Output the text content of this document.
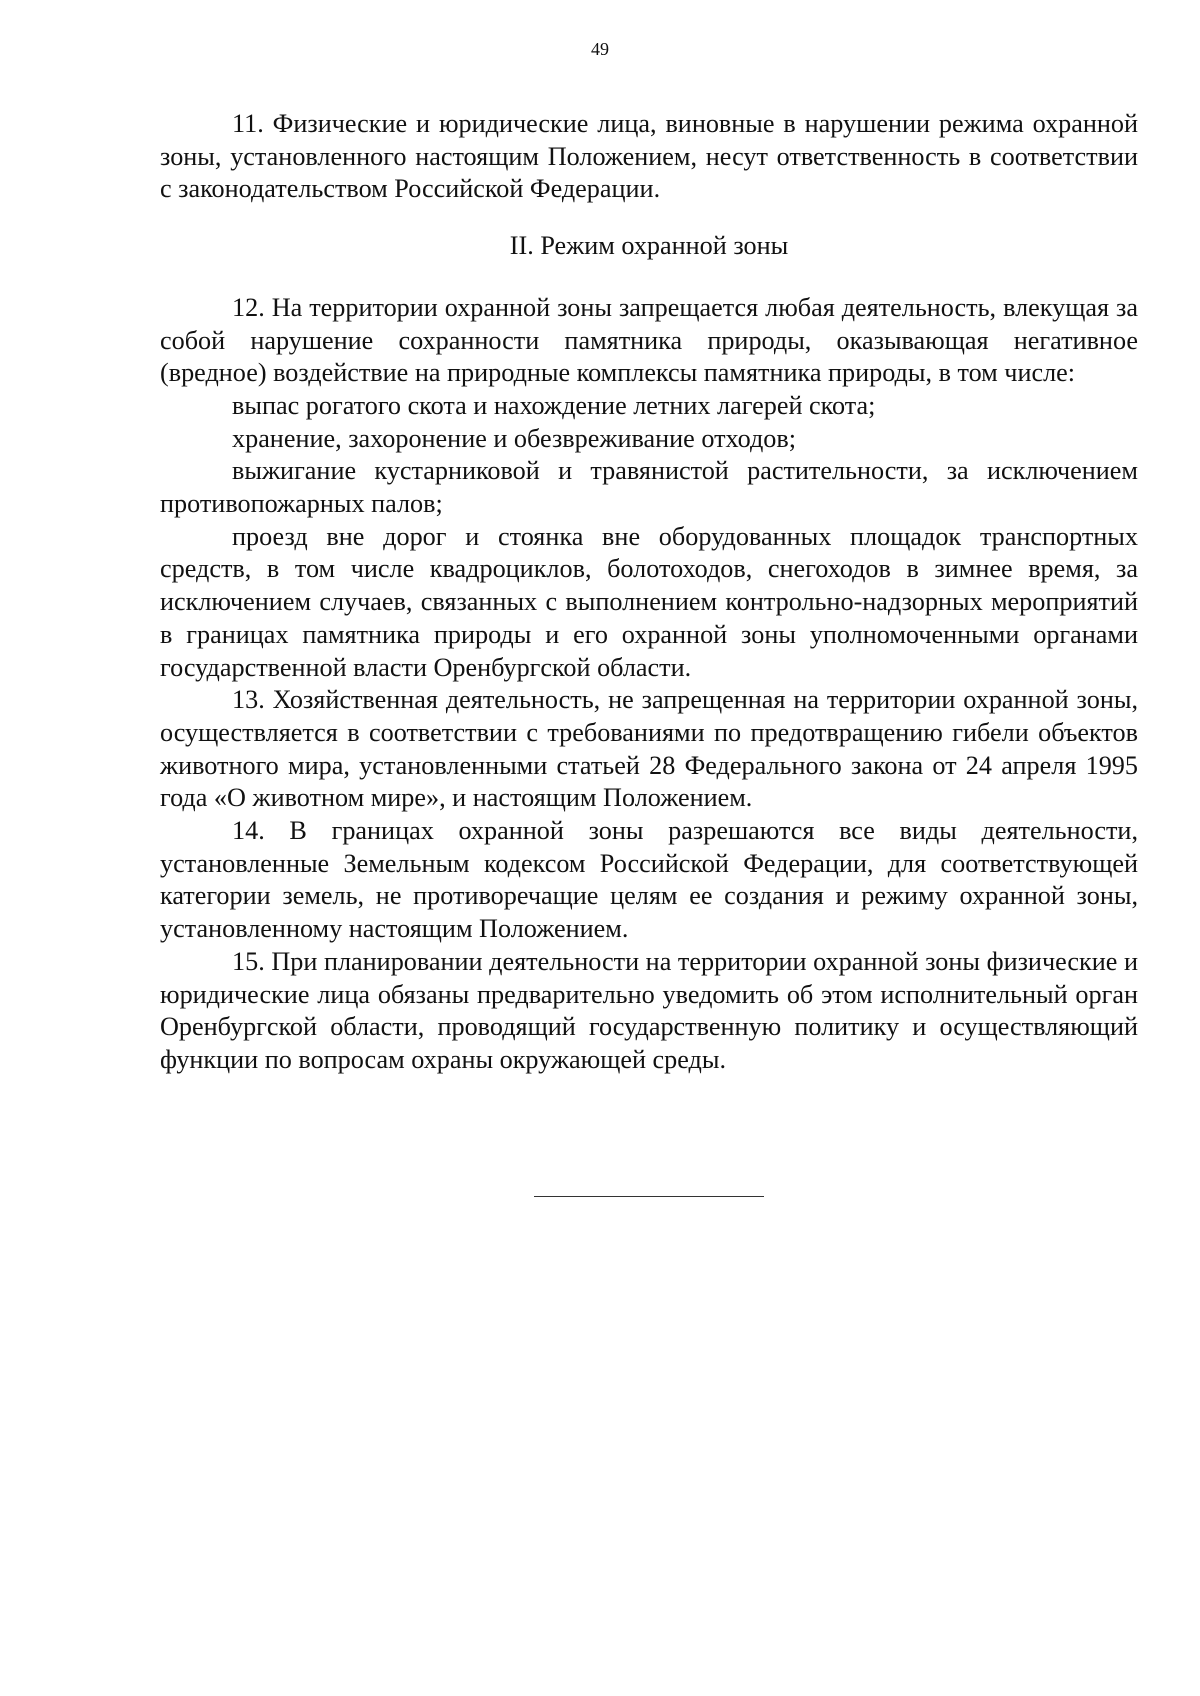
49

11. Физические и юридические лица, виновные в нарушении режима охранной зоны, установленного настоящим Положением, несут ответственность в соответствии с законодательством Российской Федерации.

II. Режим охранной зоны

12. На территории охранной зоны запрещается любая деятельность, влекущая за собой нарушение сохранности памятника природы, оказывающая негативное (вредное) воздействие на природные комплексы памятника природы, в том числе:

выпас рогатого скота и нахождение летних лагерей скота;

хранение, захоронение и обезвреживание отходов;

выжигание кустарниковой и травянистой растительности, за исключением противопожарных палов;

проезд вне дорог и стоянка вне оборудованных площадок транспортных средств, в том числе квадроциклов, болотоходов, снегоходов в зимнее время, за исключением случаев, связанных с выполнением контрольно-надзорных мероприятий в границах памятника природы и его охранной зоны уполномоченными органами государственной власти Оренбургской области.

13. Хозяйственная деятельность, не запрещенная на территории охранной зоны, осуществляется в соответствии с требованиями по предотвращению гибели объектов животного мира, установленными статьей 28 Федерального закона от 24 апреля 1995 года «О животном мире», и настоящим Положением.

14. В границах охранной зоны разрешаются все виды деятельности, установленные Земельным кодексом Российской Федерации, для соответствующей категории земель, не противоречащие целям ее создания и режиму охранной зоны, установленному настоящим Положением.

15. При планировании деятельности на территории охранной зоны физические и юридические лица обязаны предварительно уведомить об этом исполнительный орган Оренбургской области, проводящий государственную политику и осуществляющий функции по вопросам охраны окружающей среды.
